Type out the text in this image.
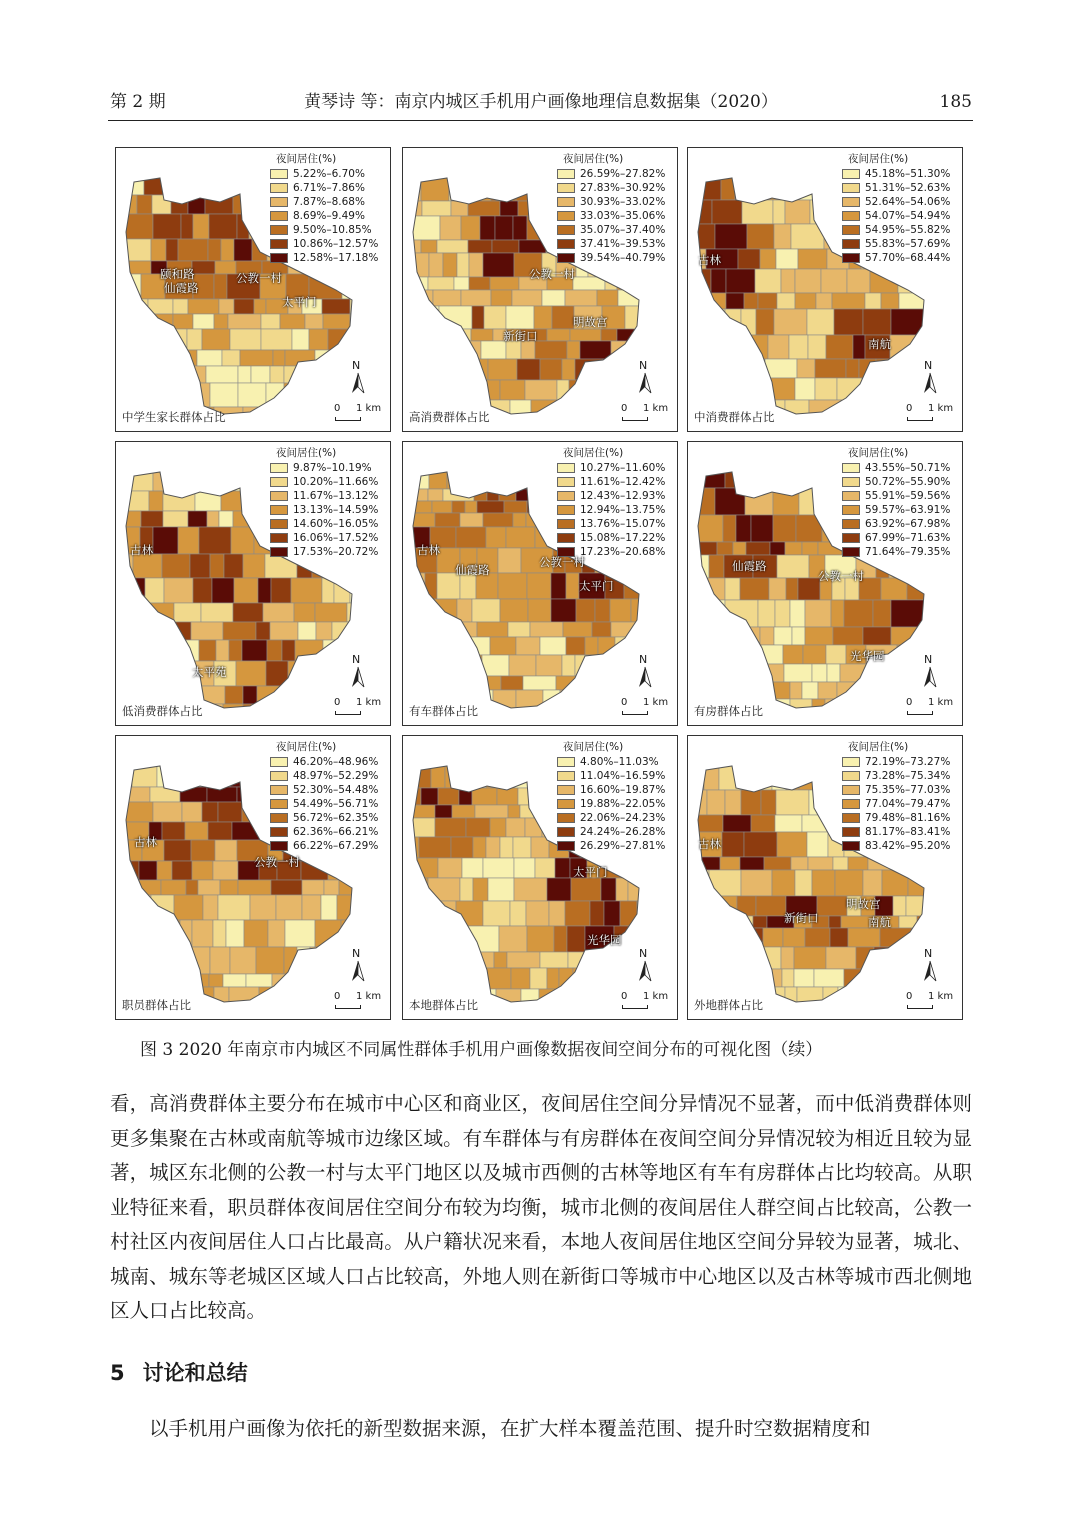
第 2 期	黄琴诗 等：南京内城区手机用户画像地理信息数据集（2020）	185
夜间居住(%)
5.22%–6.70%
6.71%–7.86%
7.87%–8.68%
8.69%–9.49%
9.50%–10.85%
10.86%–12.57%
12.58%–17.18%
颐和路
仙霞路
公教一村
太平门
N
0 1 km
中学生家长群体占比
夜间居住(%)
26.59%–27.82%
27.83%–30.92%
30.93%–33.02%
33.03%–35.06%
35.07%–37.40%
37.41%–39.53%
39.54%–40.79%
公教一村
明故宫
新街口
N
0 1 km
高消费群体占比
夜间居住(%)
45.18%–51.30%
51.31%–52.63%
52.64%–54.06%
54.07%–54.94%
54.95%–55.82%
55.83%–57.69%
57.70%–68.44%
古林
南航
N
0 1 km
中消费群体占比
夜间居住(%)
9.87%–10.19%
10.20%–11.66%
11.67%–13.12%
13.13%–14.59%
14.60%–16.05%
16.06%–17.52%
17.53%–20.72%
古林
太平苑
N
0 1 km
低消费群体占比
夜间居住(%)
10.27%–11.60%
11.61%–12.42%
12.43%–12.93%
12.94%–13.75%
13.76%–15.07%
15.08%–17.22%
17.23%–20.68%
古林
仙霞路
公教一村
太平门
N
0 1 km
有车群体占比
夜间居住(%)
43.55%–50.71%
50.72%–55.90%
55.91%–59.56%
59.57%–63.91%
63.92%–67.98%
67.99%–71.63%
71.64%–79.35%
仙霞路
公教一村
光华园	N
0 1 km
有房群体占比
夜间居住(%)
46.20%–48.96%
48.97%–52.29%
52.30%–54.48%
54.49%–56.71%
56.72%–62.35%
62.36%–66.21%
66.22%–67.29%
古林
公教一村
N
0 1 km
职员群体占比
夜间居住(%)
4.80%–11.03%
11.04%–16.59%
16.60%–19.87%
19.88%–22.05%
22.06%–24.23%
24.24%–26.28%
26.29%–27.81%
太平门
光华园
N
0 1 km
本地群体占比
夜间居住(%)
72.19%–73.27%
73.28%–75.34%
75.35%–77.03%
77.04%–79.47%
79.48%–81.16%
81.17%–83.41%
83.42%–95.20%
古林
新街口
明故宫
南航
N
0 1 km
外地群体占比
图 3 2020 年南京市内城区不同属性群体手机用户画像数据夜间空间分布的可视化图（续）

看，高消费群体主要分布在城市中心区和商业区，夜间居住空间分异情况不显著，而中低消费群体则更多集聚在古林或南航等城市边缘区域。有车群体与有房群体在夜间空间分异情况较为相近且较为显著，城区东北侧的公教一村与太平门地区以及城市西侧的古林等地区有车有房群体占比均较高。从职业特征来看，职员群体夜间居住空间分布较为均衡，城市北侧的夜间居住人群空间占比较高，公教一村社区内夜间居住人口占比最高。从户籍状况来看，本地人夜间居住地区空间分异较为显著，城北、城南、城东等老城区区域人口占比较高，外地人则在新街口等城市中心地区以及古林等城市西北侧地区人口占比较高。

5 讨论和总结

以手机用户画像为依托的新型数据来源，在扩大样本覆盖范围、提升时空数据精度和
